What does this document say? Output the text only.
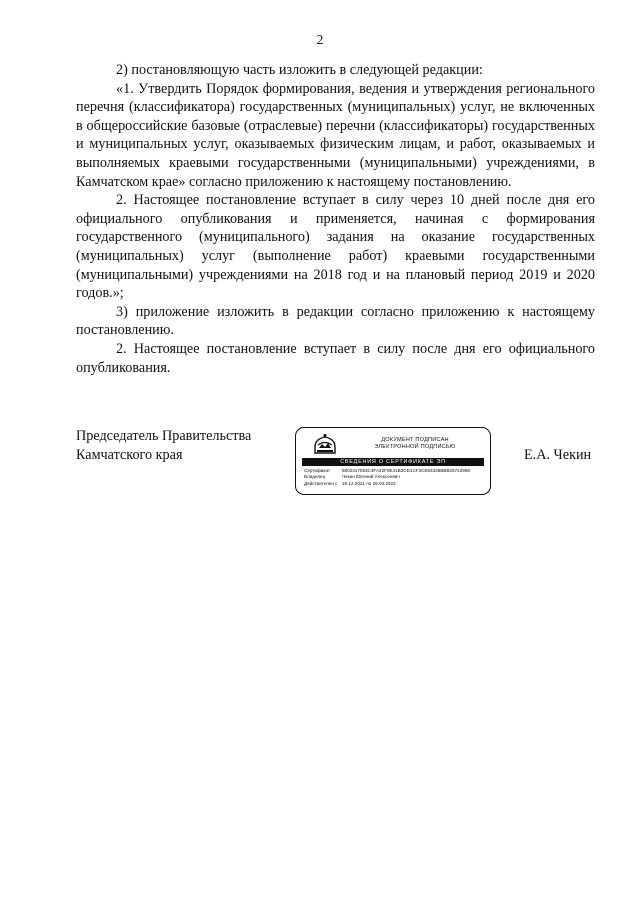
2

2) постановляющую часть изложить в следующей редакции:

«1. Утвердить Порядок формирования, ведения и утверждения регионального перечня (классификатора) государственных (муниципальных) услуг, не включенных в общероссийские базовые (отраслевые) перечни (классификаторы) государственных и муниципальных услуг, оказываемых физическим лицам, и работ, оказываемых и выполняемых краевыми государственными (муниципальными) учреждениями, в Камчатском крае» согласно приложению к настоящему постановлению.

2. Настоящее постановление вступает в силу через 10 дней после дня его официального опубликования и применяется, начиная с формирования государственного (муниципального) задания на оказание государственных (муниципальных) услуг (выполнение работ) краевыми государственными (муниципальными) учреждениями на 2018 год и на плановый период 2019 и 2020 годов.»;

3) приложение изложить в редакции согласно приложению к настоящему постановлению.

2. Настоящее постановление вступает в силу после дня его официального опубликования.

Председатель Правительства
Камчатского края
ДОКУМЕНТ ПОДПИСАН
ЭЛЕКТРОННОЙ ПОДПИСЬЮ
СВЕДЕНИЯ О СЕРТИФИКАТЕ ЭП
Сертификат	5802417053C4FA22F9E41B2CD1CF2CE64328BBB25722988
Владелец	Чекин Евгений Алексеевич
Действителен с 29.12.2021 по 29.03.2023
Е.А. Чекин
